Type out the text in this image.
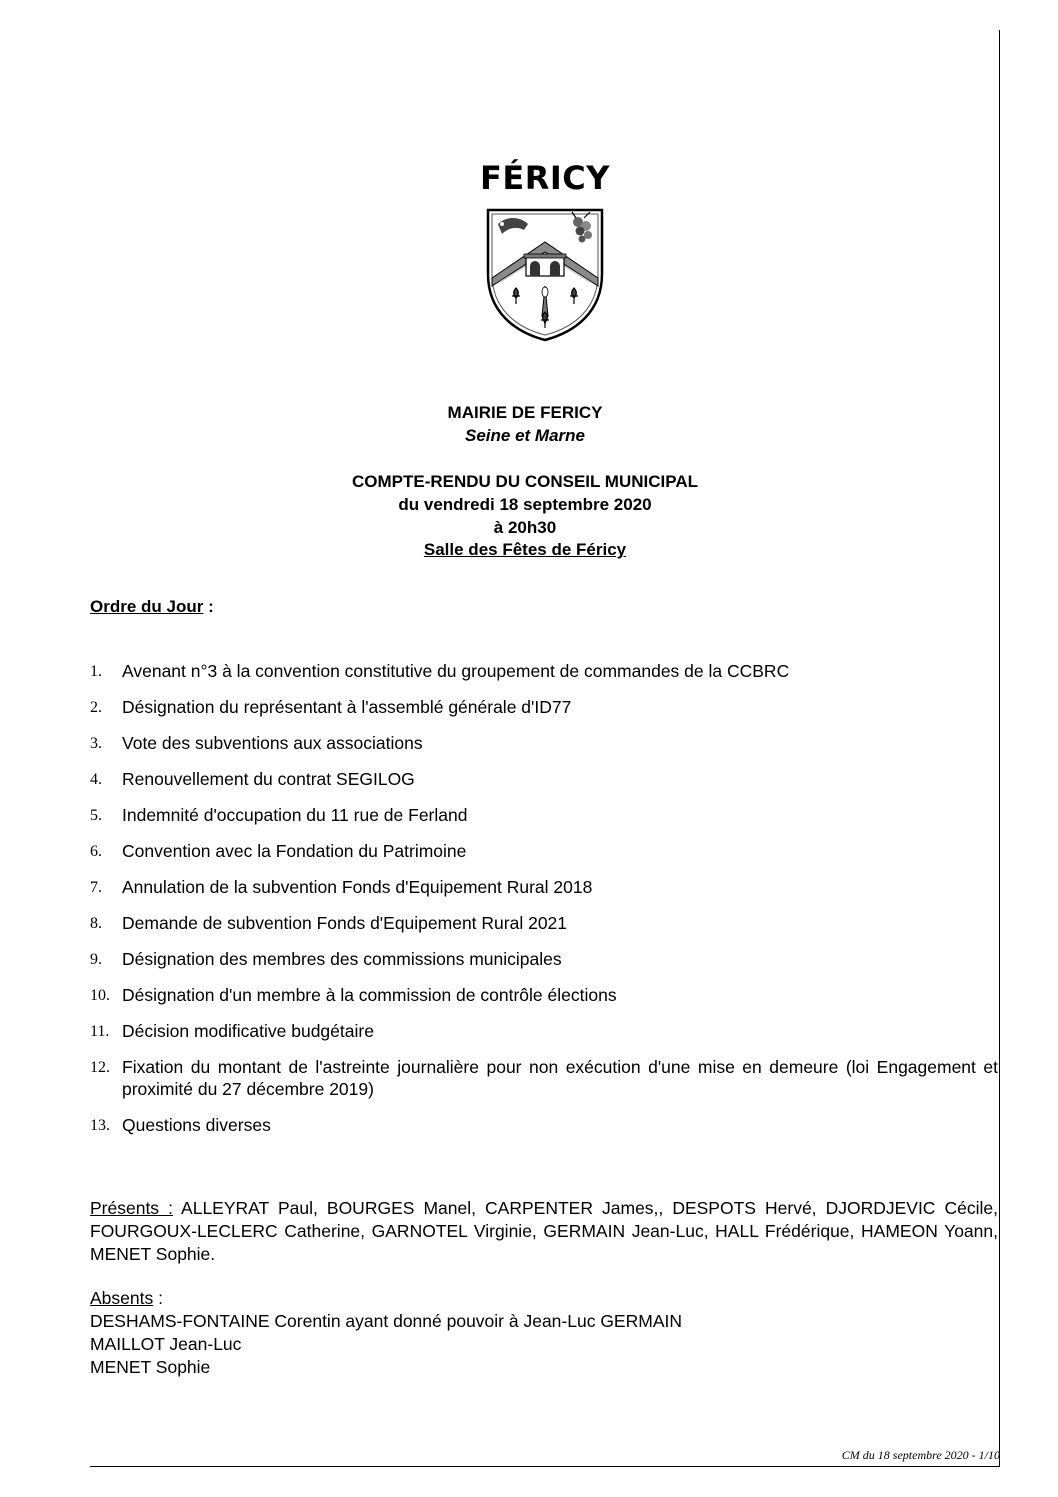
FÉRICY
MAIRIE DE FERICY
Seine et Marne
COMPTE-RENDU DU CONSEIL MUNICIPAL
du vendredi 18 septembre 2020
à 20h30
Salle des Fêtes de Féricy
Ordre du Jour :
1. Avenant n°3 à la convention constitutive du groupement de commandes de la CCBRC
2. Désignation du représentant à l'assemblé générale d'ID77
3. Vote des subventions aux associations
4. Renouvellement du contrat SEGILOG
5. Indemnité d'occupation du 11 rue de Ferland
6. Convention avec la Fondation du Patrimoine
7. Annulation de la subvention Fonds d'Equipement Rural 2018
8. Demande de subvention Fonds d'Equipement Rural 2021
9. Désignation des membres des commissions municipales
10. Désignation d'un membre à la commission de contrôle élections
11. Décision modificative budgétaire
12. Fixation du montant de l'astreinte journalière pour non exécution d'une mise en demeure (loi Engagement et proximité du 27 décembre 2019)
13. Questions diverses
Présents : ALLEYRAT Paul, BOURGES Manel, CARPENTER James,, DESPOTS Hervé, DJORDJEVIC Cécile, FOURGOUX-LECLERC Catherine, GARNOTEL Virginie, GERMAIN Jean-Luc, HALL Frédérique, HAMEON Yoann, MENET Sophie.
Absents :
DESHAMS-FONTAINE Corentin ayant donné pouvoir à Jean-Luc GERMAIN
MAILLOT Jean-Luc
MENET Sophie
CM du 18 septembre 2020 - 1/10
